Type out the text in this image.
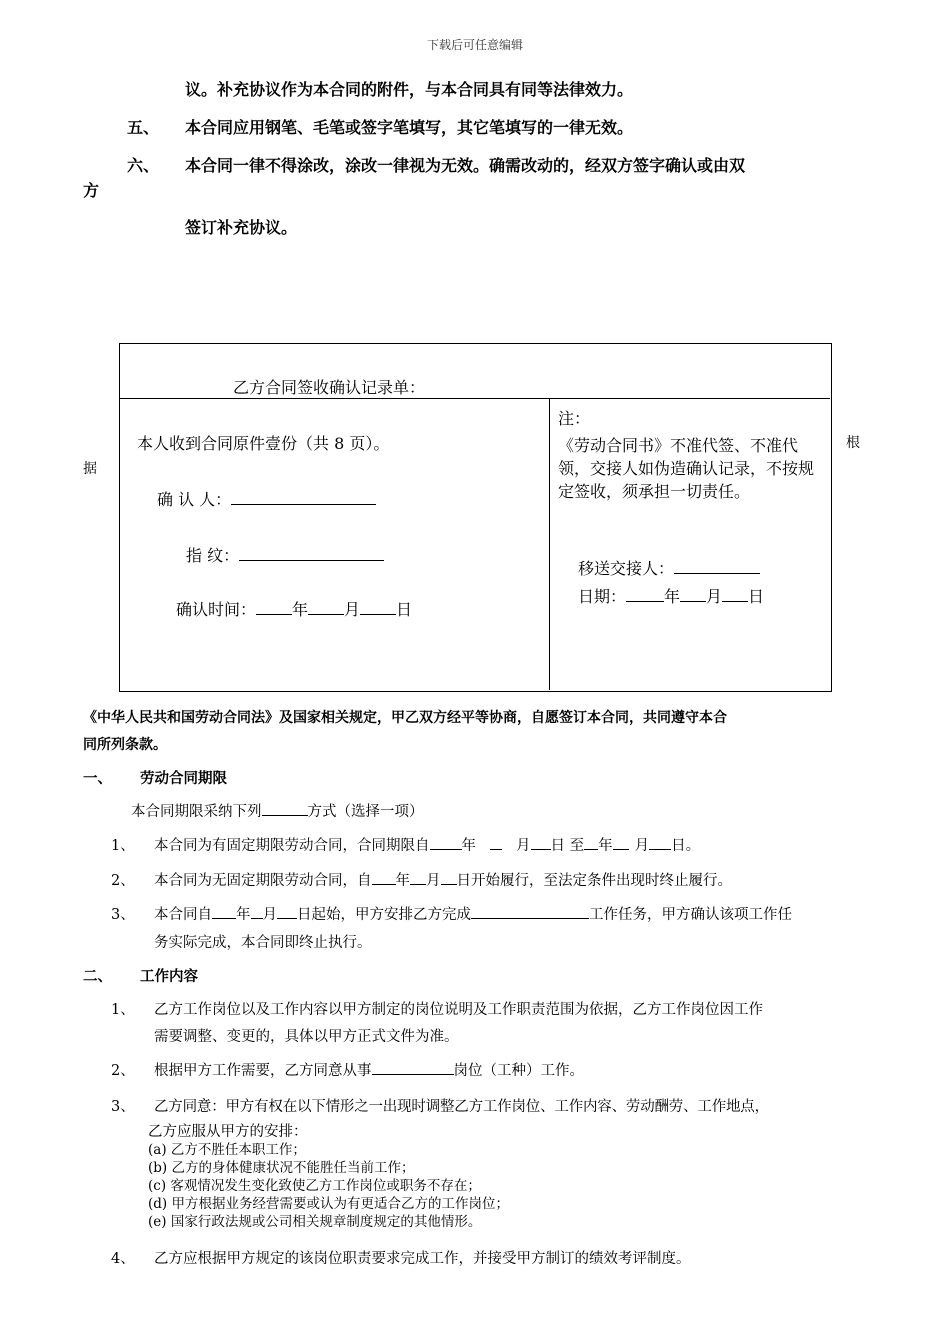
下载后可任意编辑
议。补充协议作为本合同的附件，与本合同具有同等法律效力。
五、 本合同应用钢笔、毛笔或签字笔填写，其它笔填写的一律无效。
六、 本合同一律不得涂改，涂改一律视为无效。确需改动的，经双方签字确认或由双
方
签订补充协议。
乙方合同签收确认记录单：
据
根
本人收到合同原件壹份（共 8 页）。
确 认 人：
指 纹：
确认时间： 年 月 日
注：
《劳动合同书》不准代签、不准代领，交接人如伪造确认记录，不按规定签收，须承担一切责任。
移送交接人：
日期： 年 月 日
《中华人民共和国劳动合同法》及国家相关规定，甲乙双方经平等协商，自愿签订本合同，共同遵守本合
同所列条款。
一、 劳动合同期限
本合同期限采纳下列	方式（选择一项）
1、 本合同为有固定期限劳动合同，合同期限自 年	月 日 至 年 月 日。
2、 本合同为无固定期限劳动合同，自 年 月 日开始履行，至法定条件出现时终止履行。
3、 本合同自 年 月 日起始，甲方安排乙方完成	工作任务，甲方确认该项工作任
务实际完成，本合同即终止执行。
二、 工作内容
1、 乙方工作岗位以及工作内容以甲方制定的岗位说明及工作职责范围为依据，乙方工作岗位因工作
需要调整、变更的，具体以甲方正式文件为准。
2、 根据甲方工作需要，乙方同意从事	岗位（工种）工作。
3、 乙方同意：甲方有权在以下情形之一出现时调整乙方工作岗位、工作内容、劳动酬劳、工作地点，
乙方应服从甲方的安排：
(a) 乙方不胜任本职工作；
(b) 乙方的身体健康状况不能胜任当前工作；
(c) 客观情况发生变化致使乙方工作岗位或职务不存在；
(d) 甲方根据业务经营需要或认为有更适合乙方的工作岗位；
(e) 国家行政法规或公司相关规章制度规定的其他情形。
4、 乙方应根据甲方规定的该岗位职责要求完成工作，并接受甲方制订的绩效考评制度。
